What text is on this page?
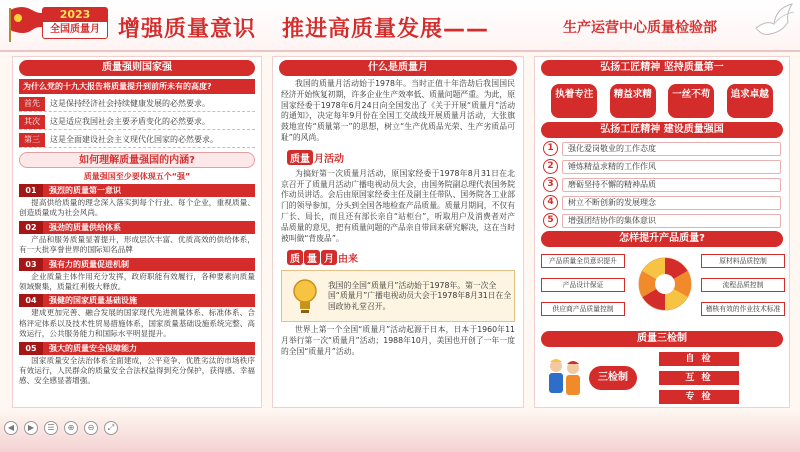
2023
全国质量月 增强质量意识 推进高质量发展——	生产运营中心质量检验部
质量强则国家强
为什么党的十九大报告将质量提升到前所未有的高度?
首先	这是保持经济社会持续健康发展的必然要求。
其次	这是适应我国社会主要矛盾变化的必然要求。
第三	这是全面建设社会主义现代化国家的必然要求。
如何理解质量强国的内涵?
质量强国至少要体现五个“强”
01 强烈的质量第一意识
提高供给质量的理念深入落实到每个行业、每个企业，重视质量、创造质量成为社会风尚。
02 强劲的质量供给体系
产品和服务质量显著提升，形成层次丰富、优质高效的供给体系，有一大批享誉世界的国际知名品牌
03 强有力的质量促进机制
企业质量主体作用充分发挥，政府职能有效履行，各种要素向质量领域聚集，质量红利极大释放。
04 强健的国家质量基础设施
建成更加完善、融合发展的国家现代先进测量体系、标准体系、合格评定体系以及技术性贸易措施体系，国家质量基础设施系统完整、高效运行，公共服务能力和国际水平明显提升。
05 强大的质量安全保障能力
国家质量安全法治体系全面建成，公平竞争、优胜劣汰的市场秩序有效运行，人民群众的质量安全合法权益得到充分保护，获得感、幸福感、安全感显著增强。
什么是质量月
我国的质量月活动始于1978年。当时正值十年浩劫后我国国民经济开始恢复初期，许多企业生产效率低、质量问题严重。为此，原国家经委于1978年6月24日向全国发出了《关于开展“质量月”活动的通知》，决定每年9月份在全国工交战线开展质量月活动，大张旗鼓地宣传“质量第一”的思想，树立“生产优质品光荣、生产劣质品可耻”的风尚。
质量 月活动
为搞好第一次质量月活动，原国家经委于1978年8月31日在北京召开了质量月活动广播电视动员大会，由国务院副总理代表国务院作动员讲话。会后由原国家经委主任及副主任带队、国务院各工业部门的领导参加，分头到全国各地检查产品质量。质量月期间，不仅有厂长、局长，而且还有部长亲自“站柜台”，听取用户及消费者对产品质量的意见，把有质量问题的产品亲自带回来研究解决，这在当时被叫做“背废品”。
质 量 月 由来
我国的全国“质量月”活动始于1978年。第一次全国“质量月”广播电视动员大会于1978年8月31日在全国政协礼堂召开。
世界上第一个全国“质量月”活动起源于日本，日本于1960年11月举行第一次“质量月”活动；1988年10月，美国也开创了一年一度的全国“质量月”活动。
弘扬工匠精神 坚持质量第一
执着专注	精益求精	一丝不苟	追求卓越
弘扬工匠精神 建设质量强国
1	强化爱岗敬业的工作态度
2	锤炼精益求精的工作作风
3	磨砺坚持不懈的精神品质
4	树立不断创新的发展理念
5	增强团结协作的集体意识
怎样提升产品质量?
产品质量全员意识提升
产品设计保证
供应商产品质量控制
原材料品质控制
流程品质控制
稽核有效的作业技术标准
质量三检制
三检制
自 检
互 检
专 检
◀ ▶ ☰ ⊕ ⊖ ⤢
